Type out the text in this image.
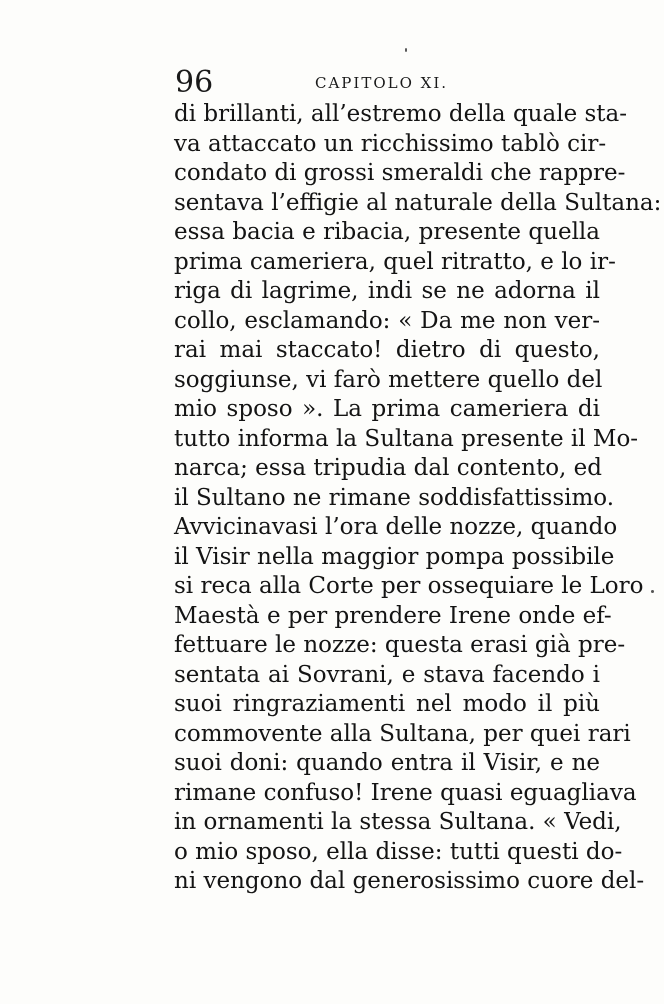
96	CAPITOLO XI.
di brillanti, all’estremo della quale sta-
va attaccato un ricchissimo tablò cir-
condato di grossi smeraldi che rappre-
sentava l’effigie al naturale della Sultana:
essa bacia e ribacia, presente quella
prima cameriera, quel ritratto, e lo ir-
riga di lagrime, indi se ne adorna il
collo, esclamando: « Da me non ver-
rai mai staccato! dietro di questo,
soggiunse, vi farò mettere quello del
mio sposo ». La prima cameriera di
tutto informa la Sultana presente il Mo-
narca; essa tripudia dal contento, ed
il Sultano ne rimane soddisfattissimo.
Avvicinavasi l’ora delle nozze, quando
il Visir nella maggior pompa possibile
si reca alla Corte per ossequiare le Loro
Maestà e per prendere Irene onde ef-
fettuare le nozze: questa erasi già pre-
sentata ai Sovrani, e stava facendo i
suoi ringraziamenti nel modo il più
commovente alla Sultana, per quei rari
suoi doni: quando entra il Visir, e ne
rimane confuso! Irene quasi eguagliava
in ornamenti la stessa Sultana. « Vedi,
o mio sposo, ella disse: tutti questi do-
ni vengono dal generosissimo cuore del-
